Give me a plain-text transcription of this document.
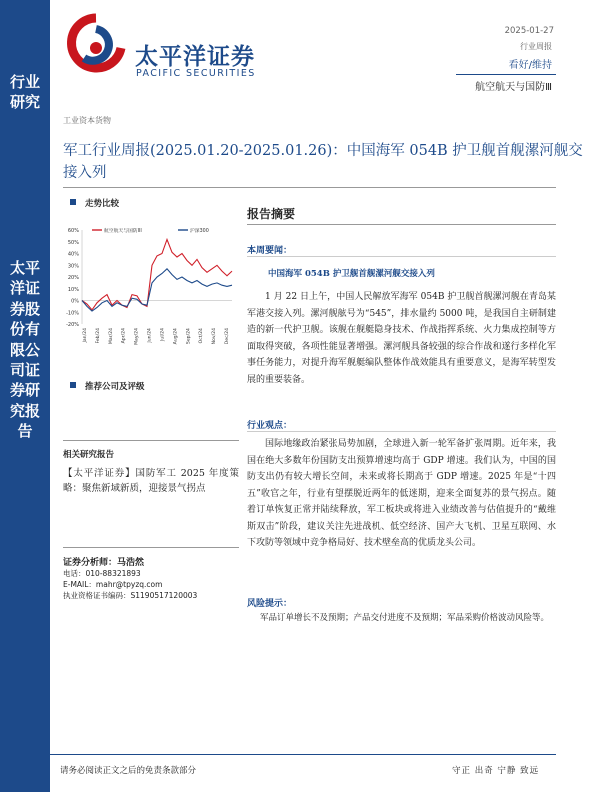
行业研究
太平洋证券股份有限公司证券研究报告
太平洋证券
PACIFIC SECURITIES
2025-01-27
行业周报
看好/维持
航空航天与国防Ⅲ
工业资本货物
军工行业周报(2025.01.20-2025.01.26)：中国海军 054B 护卫舰首舰漯河舰交接入列
走势比较
60%
50%
40%
30%
20%
10%
0%
-10%
-20%
Jan/24 Feb/24 Mar/24 Apr/24 May/24 Jun/24 Jul/24 Aug/24 Sep/24 Oct/24 Nov/24 Dec/24
航空航天与国防III	沪深300
推荐公司及评级
相关研究报告
【太平洋证券】国防军工 2025 年度策略：聚焦新域新质，迎接景气拐点
证券分析师：马浩然
电话：010-88321893
E-MAIL：mahr@tpyzq.com
执业资格证书编码：S1190517120003
报告摘要
本周要闻：
中国海军 054B 护卫舰首舰漯河舰交接入列
1 月 22 日上午，中国人民解放军海军 054B 护卫舰首舰漯河舰在青岛某军港交接入列。漯河舰舷号为“545”，排水量约 5000 吨，是我国自主研制建造的新一代护卫舰。该舰在舰艇隐身技术、作战指挥系统、火力集成控制等方面取得突破，各项性能显著增强。漯河舰具备较强的综合作战和遂行多样化军事任务能力，对提升海军舰艇编队整体作战效能具有重要意义，是海军转型发展的重要装备。
行业观点：
国际地缘政治紧张局势加剧，全球进入新一轮军备扩张周期。近年来，我国在绝大多数年份国防支出预算增速均高于 GDP 增速。我们认为，中国的国防支出仍有较大增长空间，未来或将长期高于 GDP 增速。2025 年是“十四五”收官之年，行业有望摆脱近两年的低迷期，迎来全面复苏的景气拐点。随着订单恢复正常并陆续释放，军工板块或将进入业绩改善与估值提升的“戴维斯双击”阶段，建议关注先进战机、低空经济、国产大飞机、卫星互联网、水下攻防等领域中竞争格局好、技术壁垒高的优质龙头公司。
风险提示：
军品订单增长不及预期；产品交付进度不及预期；军品采购价格波动风险等。
请务必阅读正文之后的免责条款部分	守正 出奇 宁静 致远
